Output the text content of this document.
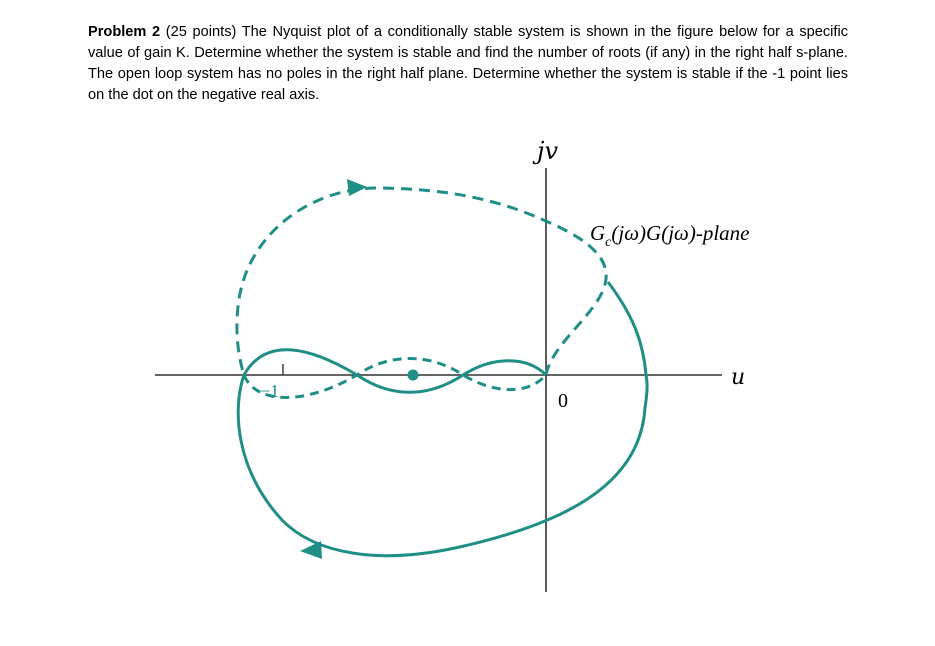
Problem 2 (25 points) The Nyquist plot of a conditionally stable system is shown in the figure below for a specific value of gain K. Determine whether the system is stable and find the number of roots (if any) in the right half s-plane. The open loop system has no poles in the right half plane. Determine whether the system is stable if the -1 point lies on the dot on the negative real axis.

jv
u
0
−1
$G_c(j\omega)G(j\omega)$-plane
